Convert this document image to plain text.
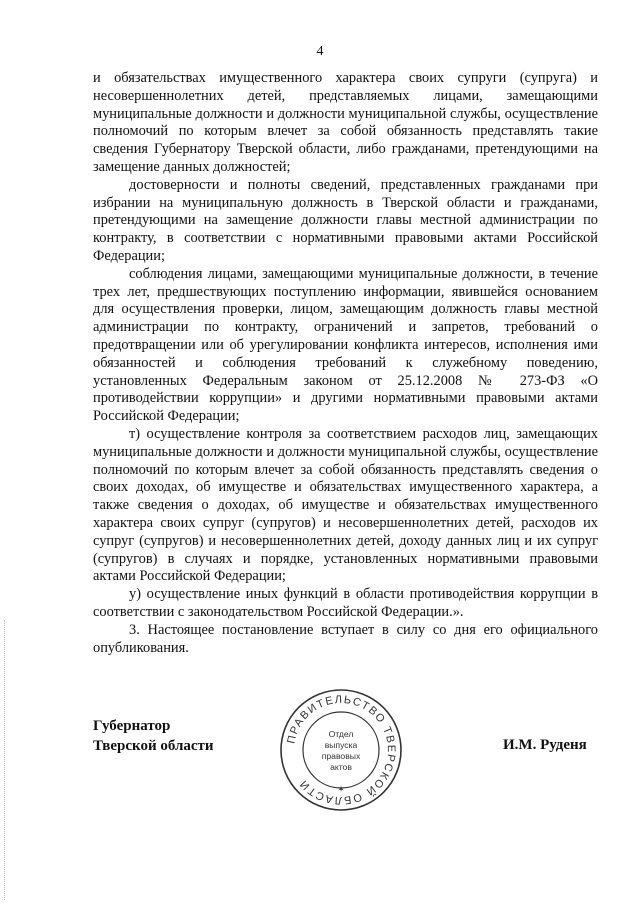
4

и обязательствах имущественного характера своих супруги (супруга) и несовершеннолетних детей, представляемых лицами, замещающими муниципальные должности и должности муниципальной службы, осуществление полномочий по которым влечет за собой обязанность представлять такие сведения Губернатору Тверской области, либо гражданами, претендующими на замещение данных должностей;

достоверности и полноты сведений, представленных гражданами при избрании на муниципальную должность в Тверской области и гражданами, претендующими на замещение должности главы местной администрации по контракту, в соответствии с нормативными правовыми актами Российской Федерации;

соблюдения лицами, замещающими муниципальные должности, в течение трех лет, предшествующих поступлению информации, явившейся основанием для осуществления проверки, лицом, замещающим должность главы местной администрации по контракту, ограничений и запретов, требований о предотвращении или об урегулировании конфликта интересов, исполнения ими обязанностей и соблюдения требований к служебному поведению, установленных Федеральным законом от 25.12.2008 № 273-ФЗ «О противодействии коррупции» и другими нормативными правовыми актами Российской Федерации;

т) осуществление контроля за соответствием расходов лиц, замещающих муниципальные должности и должности муниципальной службы, осуществление полномочий по которым влечет за собой обязанность представлять сведения о своих доходах, об имуществе и обязательствах имущественного характера, а также сведения о доходах, об имуществе и обязательствах имущественного характера своих супруг (супругов) и несовершеннолетних детей, расходов их супруг (супругов) и несовершеннолетних детей, доходу данных лиц и их супруг (супругов) в случаях и порядке, установленных нормативными правовыми актами Российской Федерации;

у) осуществление иных функций в области противодействия коррупции в соответствии с законодательством Российской Федерации.».

3. Настоящее постановление вступает в силу со дня его официального опубликования.

Губернатор
Тверской области	ПРАВИТЕЛЬСТВО ТВЕРСКОЙ ОБЛАСТИ	✶
Отдел
выпуска
правовых
актов
И.М. Руденя
